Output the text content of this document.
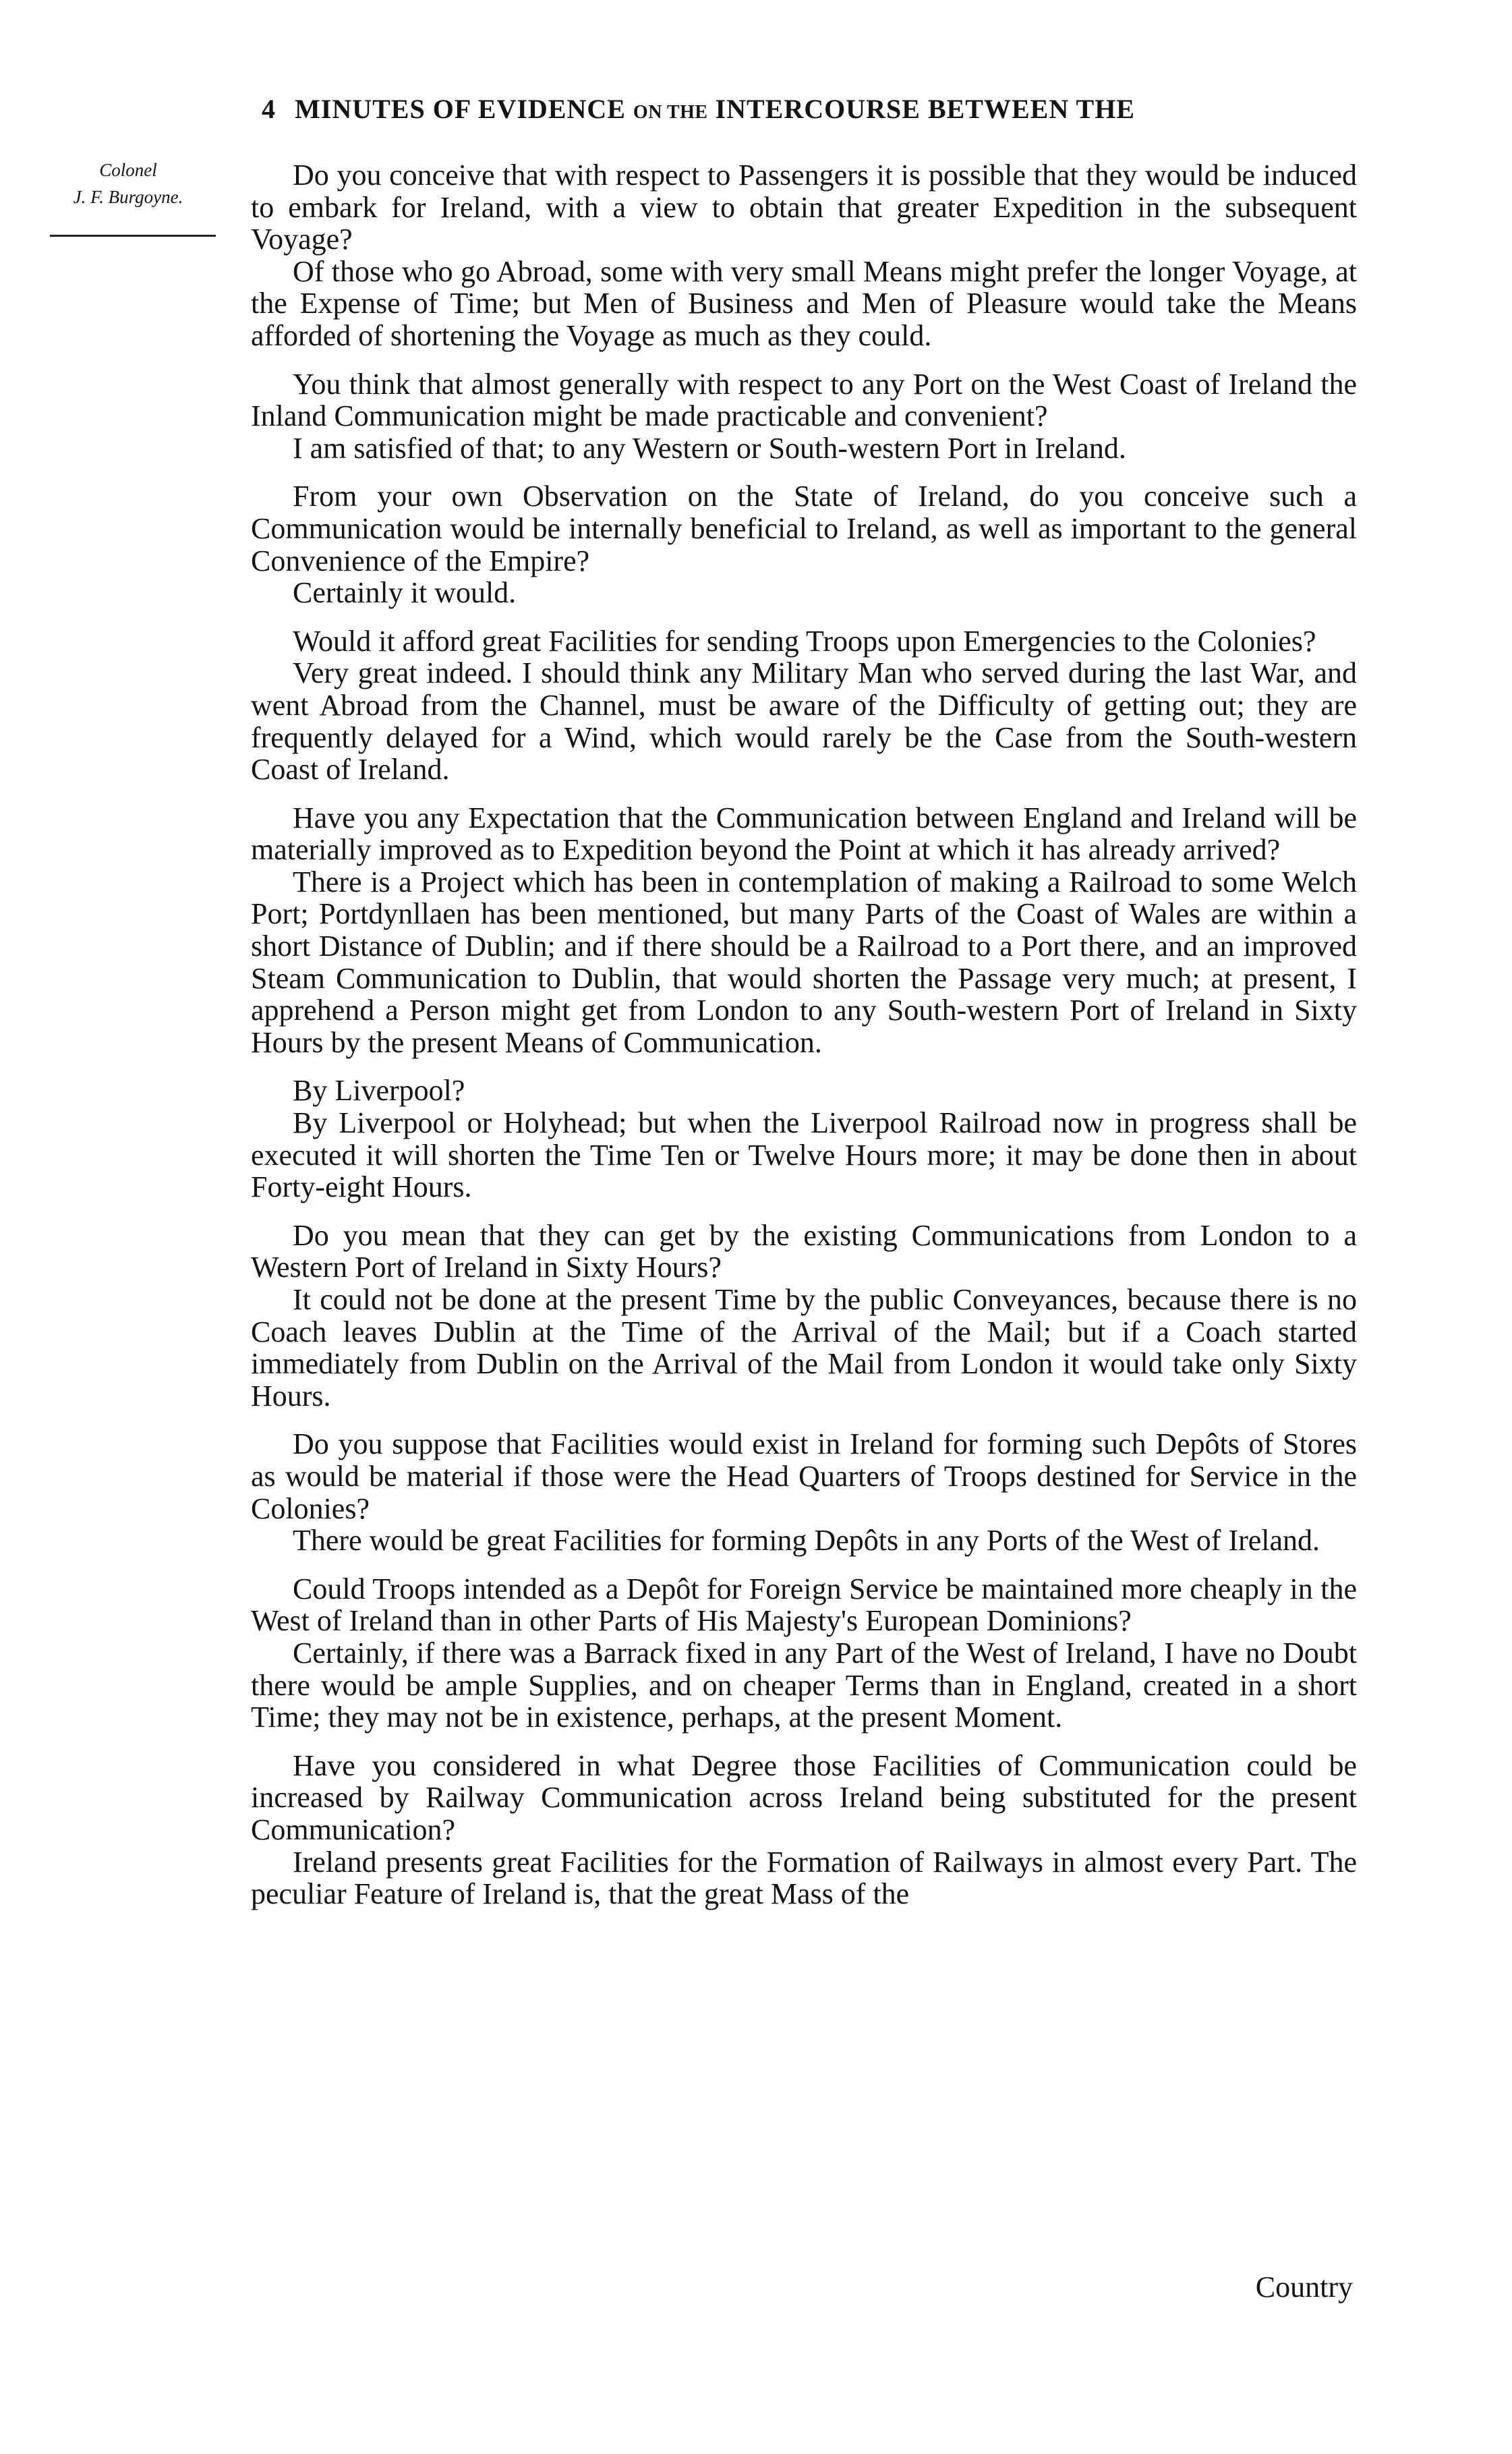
4 MINUTES OF EVIDENCE ON THE INTERCOURSE BETWEEN THE
Colonel
J. F. Burgoyne.

Do you conceive that with respect to Passengers it is possible that they would be induced to embark for Ireland, with a view to obtain that greater Expedition in the subsequent Voyage?

Of those who go Abroad, some with very small Means might prefer the longer Voyage, at the Expense of Time; but Men of Business and Men of Pleasure would take the Means afforded of shortening the Voyage as much as they could.

You think that almost generally with respect to any Port on the West Coast of Ireland the Inland Communication might be made practicable and convenient?

I am satisfied of that; to any Western or South-western Port in Ireland.

From your own Observation on the State of Ireland, do you conceive such a Communication would be internally beneficial to Ireland, as well as important to the general Convenience of the Empire?

Certainly it would.

Would it afford great Facilities for sending Troops upon Emergencies to the Colonies?

Very great indeed. I should think any Military Man who served during the last War, and went Abroad from the Channel, must be aware of the Difficulty of getting out; they are frequently delayed for a Wind, which would rarely be the Case from the South-western Coast of Ireland.

Have you any Expectation that the Communication between England and Ireland will be materially improved as to Expedition beyond the Point at which it has already arrived?

There is a Project which has been in contemplation of making a Railroad to some Welch Port; Portdynllaen has been mentioned, but many Parts of the Coast of Wales are within a short Distance of Dublin; and if there should be a Railroad to a Port there, and an improved Steam Communication to Dublin, that would shorten the Passage very much; at present, I apprehend a Person might get from London to any South-western Port of Ireland in Sixty Hours by the present Means of Communication.

By Liverpool?

By Liverpool or Holyhead; but when the Liverpool Railroad now in progress shall be executed it will shorten the Time Ten or Twelve Hours more; it may be done then in about Forty-eight Hours.

Do you mean that they can get by the existing Communications from London to a Western Port of Ireland in Sixty Hours?

It could not be done at the present Time by the public Conveyances, because there is no Coach leaves Dublin at the Time of the Arrival of the Mail; but if a Coach started immediately from Dublin on the Arrival of the Mail from London it would take only Sixty Hours.

Do you suppose that Facilities would exist in Ireland for forming such Depôts of Stores as would be material if those were the Head Quarters of Troops destined for Service in the Colonies?

There would be great Facilities for forming Depôts in any Ports of the West of Ireland.

Could Troops intended as a Depôt for Foreign Service be maintained more cheaply in the West of Ireland than in other Parts of His Majesty's European Dominions?

Certainly, if there was a Barrack fixed in any Part of the West of Ireland, I have no Doubt there would be ample Supplies, and on cheaper Terms than in England, created in a short Time; they may not be in existence, perhaps, at the present Moment.

Have you considered in what Degree those Facilities of Communication could be increased by Railway Communication across Ireland being substituted for the present Communication?

Ireland presents great Facilities for the Formation of Railways in almost every Part. The peculiar Feature of Ireland is, that the great Mass of the

Country
